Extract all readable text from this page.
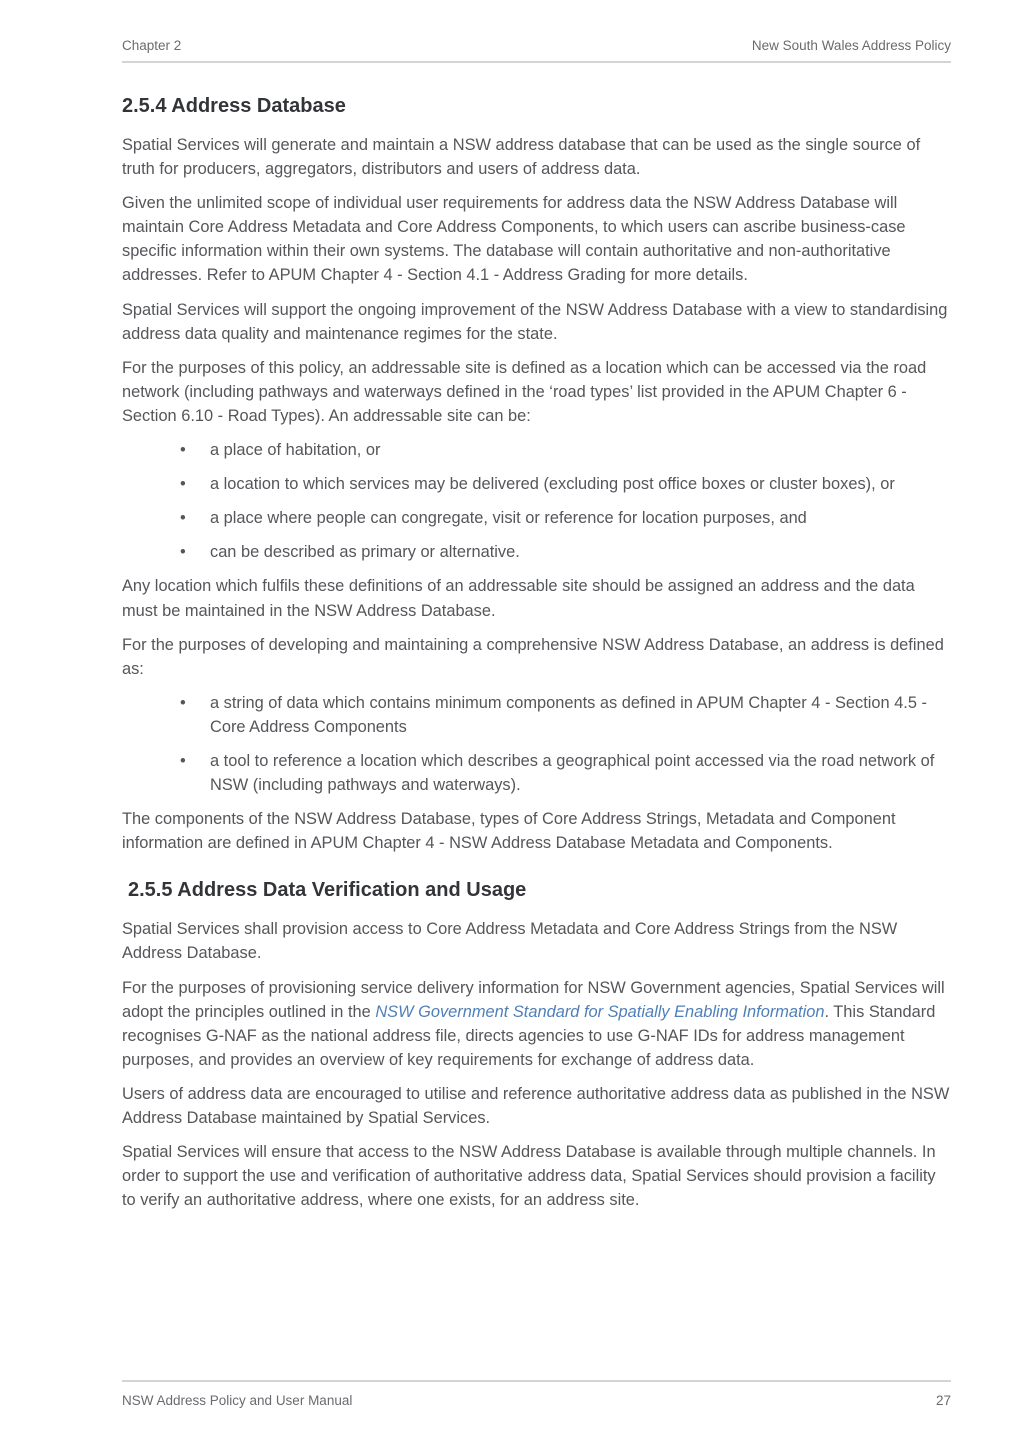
Chapter 2	New South Wales Address Policy
2.5.4 Address Database

Spatial Services will generate and maintain a NSW address database that can be used as the single source of truth for producers, aggregators, distributors and users of address data.

Given the unlimited scope of individual user requirements for address data the NSW Address Database will maintain Core Address Metadata and Core Address Components, to which users can ascribe business-case specific information within their own systems. The database will contain authoritative and non-authoritative addresses. Refer to APUM Chapter 4 - Section 4.1 - Address Grading for more details.

Spatial Services will support the ongoing improvement of the NSW Address Database with a view to standardising address data quality and maintenance regimes for the state.

For the purposes of this policy, an addressable site is defined as a location which can be accessed via the road network (including pathways and waterways defined in the ‘road types’ list provided in the APUM Chapter 6 - Section 6.10 - Road Types). An addressable site can be:

• a place of habitation, or
• a location to which services may be delivered (excluding post office boxes or cluster boxes), or
• a place where people can congregate, visit or reference for location purposes, and
• can be described as primary or alternative.

Any location which fulfils these definitions of an addressable site should be assigned an address and the data must be maintained in the NSW Address Database.

For the purposes of developing and maintaining a comprehensive NSW Address Database, an address is defined as:

• a string of data which contains minimum components as defined in APUM Chapter 4 - Section 4.5 - Core Address Components
• a tool to reference a location which describes a geographical point accessed via the road network of NSW (including pathways and waterways).

The components of the NSW Address Database, types of Core Address Strings, Metadata and Component information are defined in APUM Chapter 4 - NSW Address Database Metadata and Components.

2.5.5 Address Data Verification and Usage

Spatial Services shall provision access to Core Address Metadata and Core Address Strings from the NSW Address Database.

For the purposes of provisioning service delivery information for NSW Government agencies, Spatial Services will adopt the principles outlined in the NSW Government Standard for Spatially Enabling Information. This Standard recognises G-NAF as the national address file, directs agencies to use G-NAF IDs for address management purposes, and provides an overview of key requirements for exchange of address data.

Users of address data are encouraged to utilise and reference authoritative address data as published in the NSW Address Database maintained by Spatial Services.

Spatial Services will ensure that access to the NSW Address Database is available through multiple channels. In order to support the use and verification of authoritative address data, Spatial Services should provision a facility to verify an authoritative address, where one exists, for an address site.

NSW Address Policy and User Manual	27
